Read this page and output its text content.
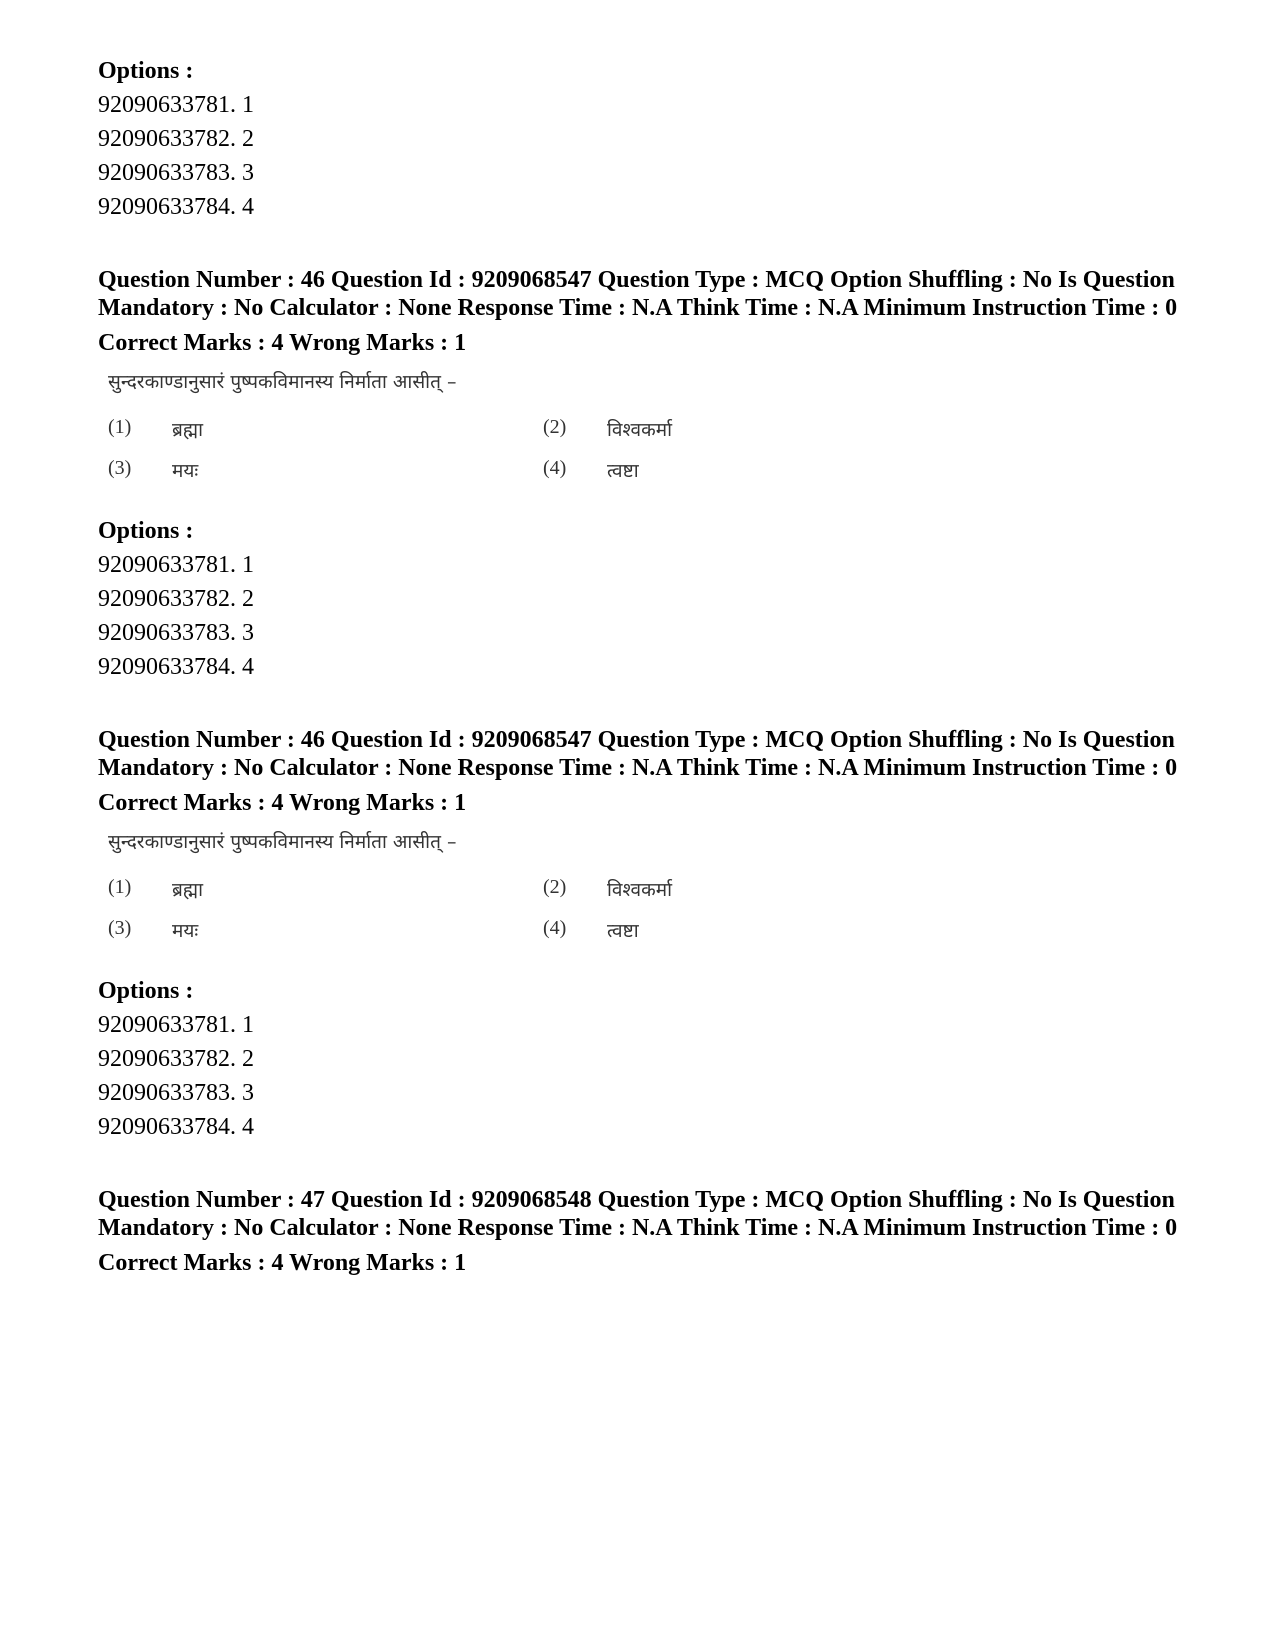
Options :

92090633781. 1

92090633782. 2

92090633783. 3

92090633784. 4

Question Number : 46 Question Id : 9209068547 Question Type : MCQ Option Shuffling : No Is Question Mandatory : No Calculator : None Response Time : N.A Think Time : N.A Minimum Instruction Time : 0

Correct Marks : 4 Wrong Marks : 1

सुन्दरकाण्डानुसारं पुष्पकविमानस्य निर्माता आसीत् –
(1) ब्रह्मा	(2) विश्वकर्मा
(3) मयः	(4) त्वष्टा

Options :

92090633781. 1

92090633782. 2

92090633783. 3

92090633784. 4

Question Number : 46 Question Id : 9209068547 Question Type : MCQ Option Shuffling : No Is Question Mandatory : No Calculator : None Response Time : N.A Think Time : N.A Minimum Instruction Time : 0

Correct Marks : 4 Wrong Marks : 1

सुन्दरकाण्डानुसारं पुष्पकविमानस्य निर्माता आसीत् –
(1) ब्रह्मा	(2) विश्वकर्मा
(3) मयः	(4) त्वष्टा

Options :

92090633781. 1

92090633782. 2

92090633783. 3

92090633784. 4

Question Number : 47 Question Id : 9209068548 Question Type : MCQ Option Shuffling : No Is Question Mandatory : No Calculator : None Response Time : N.A Think Time : N.A Minimum Instruction Time : 0

Correct Marks : 4 Wrong Marks : 1
